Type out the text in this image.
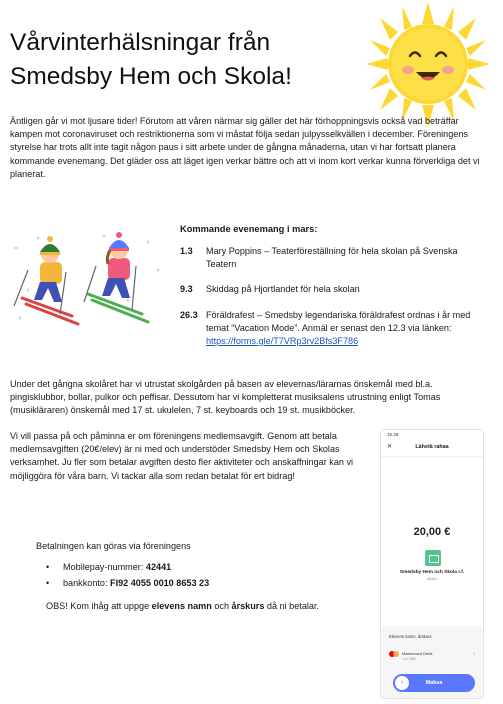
Vårvinterhälsningar från
Smedsby Hem och Skola!

Äntligen går vi mot ljusare tider! Förutom att våren närmar sig gäller det här förhoppningsvis också vad beträffar kampen mot coronaviruset och restriktionerna som vi måstat följa sedan julpysselkvällen i december. Föreningens styrelse har trots allt inte tagit någon paus i sitt arbete under de gångna månaderna, utan vi har fortsatt planera kommande evenemang. Det gläder oss att läget igen verkar bättre och att vi inom kort verkar kunna förverkliga det vi planerat.

Kommande evenemang i mars:
1.3	Mary Poppins – Teaterföreställning för hela skolan på Svenska Teatern
9.3	Skiddag på Hjortlandet för hela skolan
26.3 Föräldrafest – Smedsby legendariska föräldrafest ordnas i år med temat “Vacation Mode”. Anmäl er senast den 12.3 via länken: https://forms.gle/T7VRp3rv2Bfs3F786

Under det gångna skolåret har vi utrustat skolgården på basen av elevernas/lärarnas önskemål med bl.a. pingisklubbor, bollar, pulkor och peffisar. Dessutom har vi kompletterat musiksalens utrustning enligt Tomas (musikläraren) önskemål med 17 st. ukulelen, 7 st. keyboards och 19 st. musikböcker.

Vi vill passa på och påminna er om föreningens medlemsavgift. Genom att betala medlemsavgiften (20€/elev) är ni med och understöder Smedsby Hem och Skolas verksamhet. Ju fler som betalar avgiften desto fler aktiviteter och anskaffningar kan vi möjliggöra för våra barn. Vi tackar alla som redan betalat för ert bidrag!

Betalningen kan göras via föreningens
• Mobilepay-nummer: 42441
• bankkonto: FI92 4055 0010 8653 23
OBS! Kom ihåg att uppge elevens namn och årskurs då ni betalar.
15.28
✕	Lähetä rahaa
20,00 €
Smedsby Hem och Skola r.f.
42441
Elevens namn, årskurs
Mastercard Debit
•••• 2067
›
Maksa
›
